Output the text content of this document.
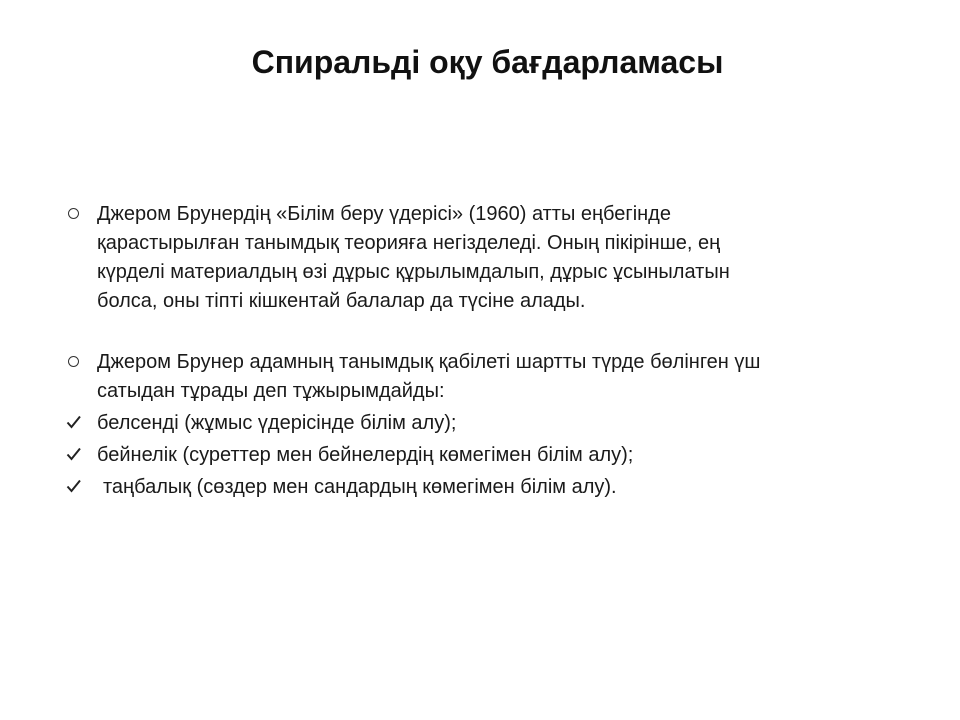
Спиральді оқу бағдарламасы
Джером Брунердің «Білім беру үдерісі» (1960) атты еңбегінде
қарастырылған танымдық теорияға негізделеді. Оның пікірінше, ең
күрделі материалдың өзі дұрыс құрылымдалып, дұрыс ұсынылатын
болса, оны тіпті кішкентай балалар да түсіне алады.
Джером Брунер адамның танымдық қабілеті шартты түрде бөлінген үш
сатыдан тұрады деп тұжырымдайды:
белсенді (жұмыс үдерісінде білім алу);
бейнелік (суреттер мен бейнелердің көмегімен білім алу);
таңбалық (сөздер мен сандардың көмегімен білім алу).
